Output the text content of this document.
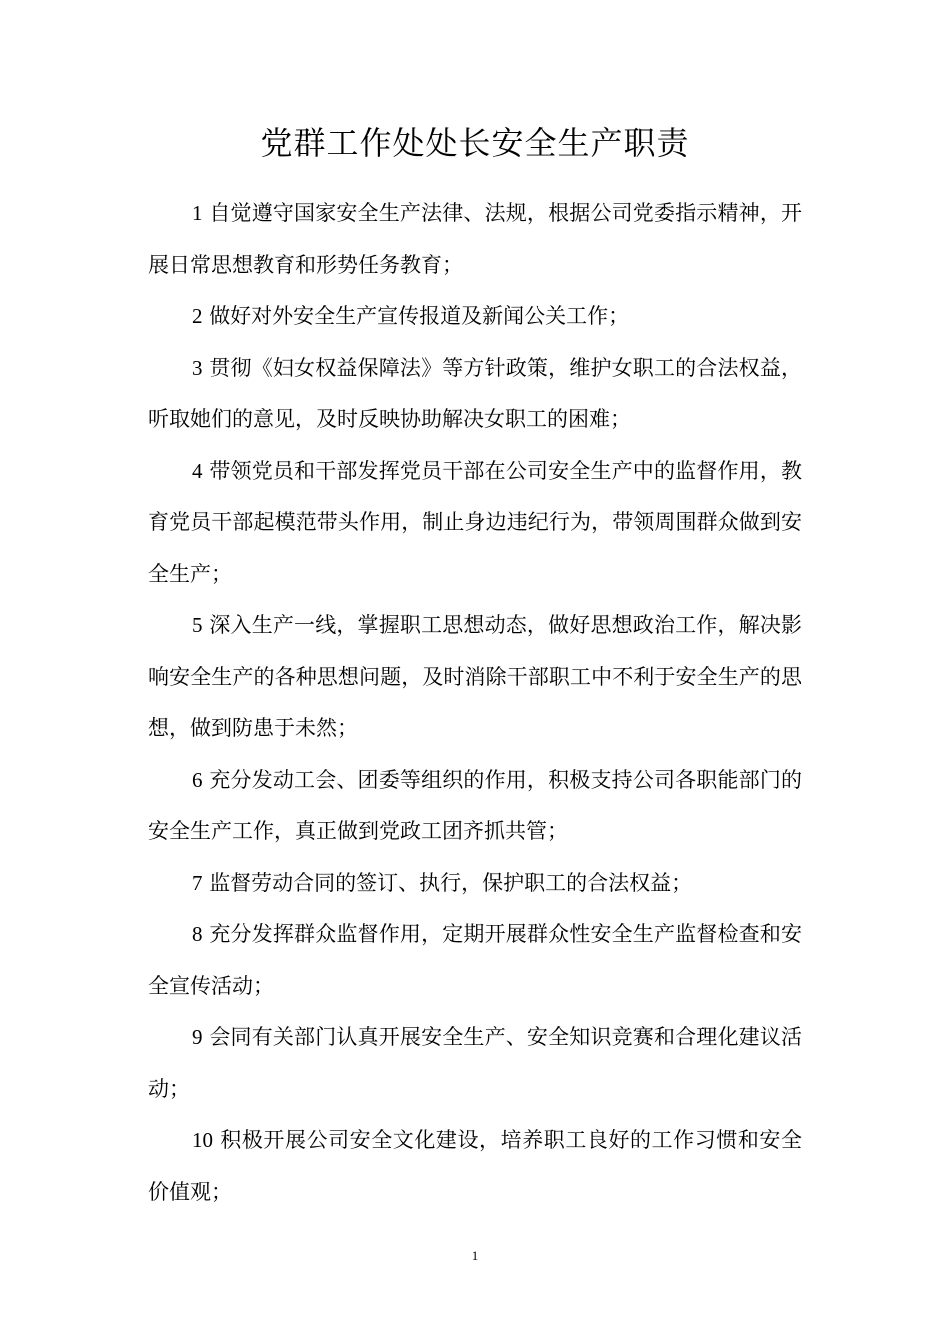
党群工作处处长安全生产职责

1 自觉遵守国家安全生产法律、法规，根据公司党委指示精神，开展日常思想教育和形势任务教育；

2 做好对外安全生产宣传报道及新闻公关工作；

3 贯彻《妇女权益保障法》等方针政策，维护女职工的合法权益，听取她们的意见，及时反映协助解决女职工的困难；

4 带领党员和干部发挥党员干部在公司安全生产中的监督作用，教育党员干部起模范带头作用，制止身边违纪行为，带领周围群众做到安全生产；

5 深入生产一线，掌握职工思想动态，做好思想政治工作，解决影响安全生产的各种思想问题，及时消除干部职工中不利于安全生产的思想，做到防患于未然；

6 充分发动工会、团委等组织的作用，积极支持公司各职能部门的安全生产工作，真正做到党政工团齐抓共管；

7 监督劳动合同的签订、执行，保护职工的合法权益；

8 充分发挥群众监督作用，定期开展群众性安全生产监督检查和安全宣传活动；

9 会同有关部门认真开展安全生产、安全知识竞赛和合理化建议活动；

10 积极开展公司安全文化建设，培养职工良好的工作习惯和安全价值观；

1
